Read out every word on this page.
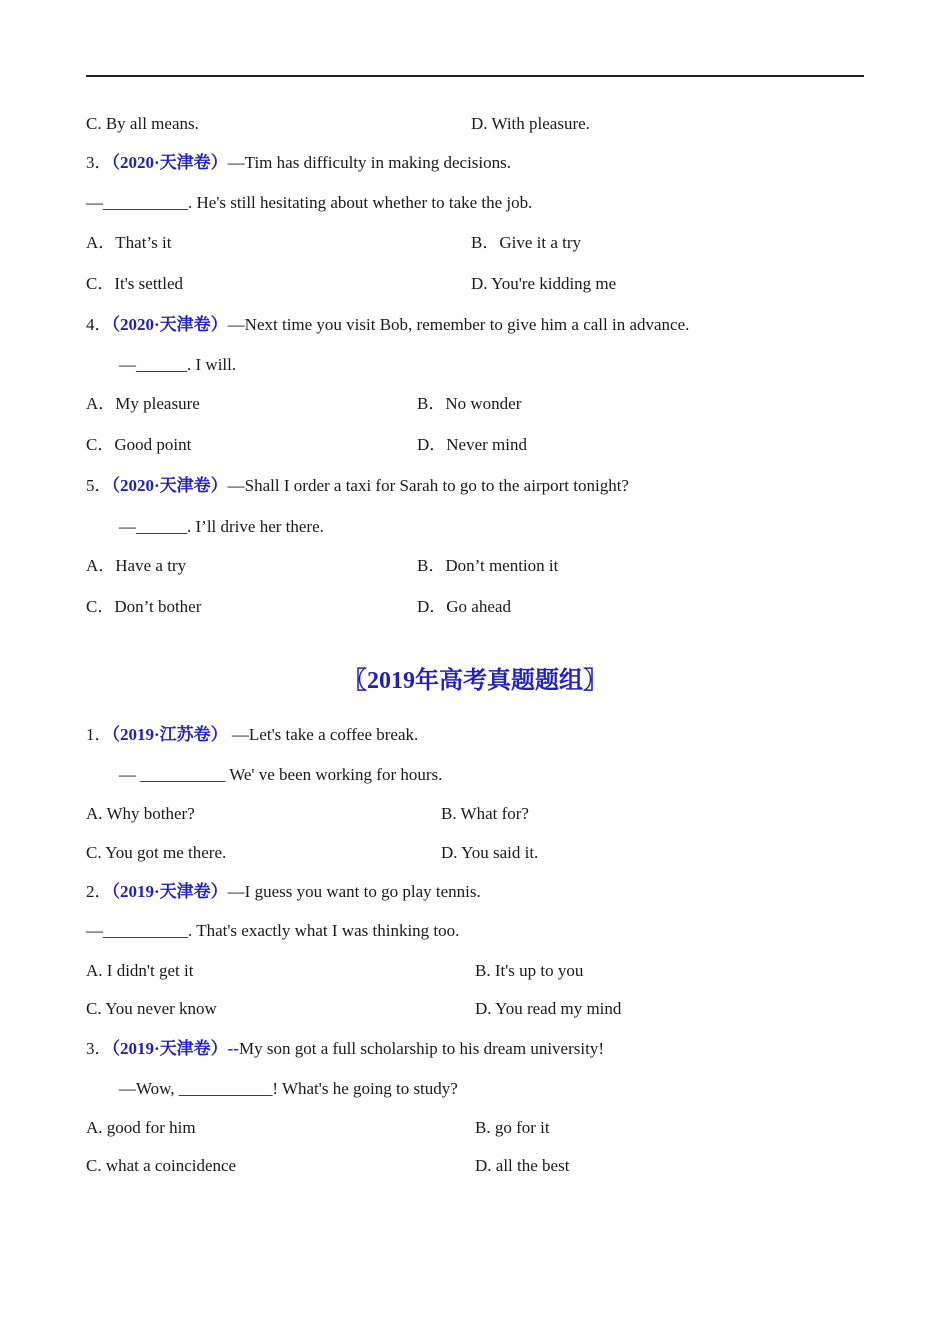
C. By all means.	D. With pleasure.
3．（2020·天津卷）—Tim has difficulty in making decisions.
—__________. He's still hesitating about whether to take the job.
A．That’s it	B．Give it a try
C．It's settled	D. You're kidding me
4．（2020·天津卷）—Next time you visit Bob, remember to give him a call in advance.
—______. I will.
A．My pleasure	B．No wonder
C．Good point	D．Never mind
5．（2020·天津卷）—Shall I order a taxi for Sarah to go to the airport tonight?
—______. I’ll drive her there.
A．Have a try	B．Don’t mention it
C．Don’t bother	D．Go ahead
〖2019年高考真题题组〗
1．（2019·江苏卷） —Let's take a coffee break.
— __________ We' ve been working for hours.
A. Why bother?	B. What for?
C. You got me there.	D. You said it.
2．（2019·天津卷）—I guess you want to go play tennis.
—__________. That's exactly what I was thinking too.
A. I didn't get it	B. It's up to you
C. You never know	D. You read my mind
3．（2019·天津卷）--My son got a full scholarship to his dream university!
—Wow, ___________! What's he going to study?
A. good for him	B. go for it
C. what a coincidence	D. all the best
